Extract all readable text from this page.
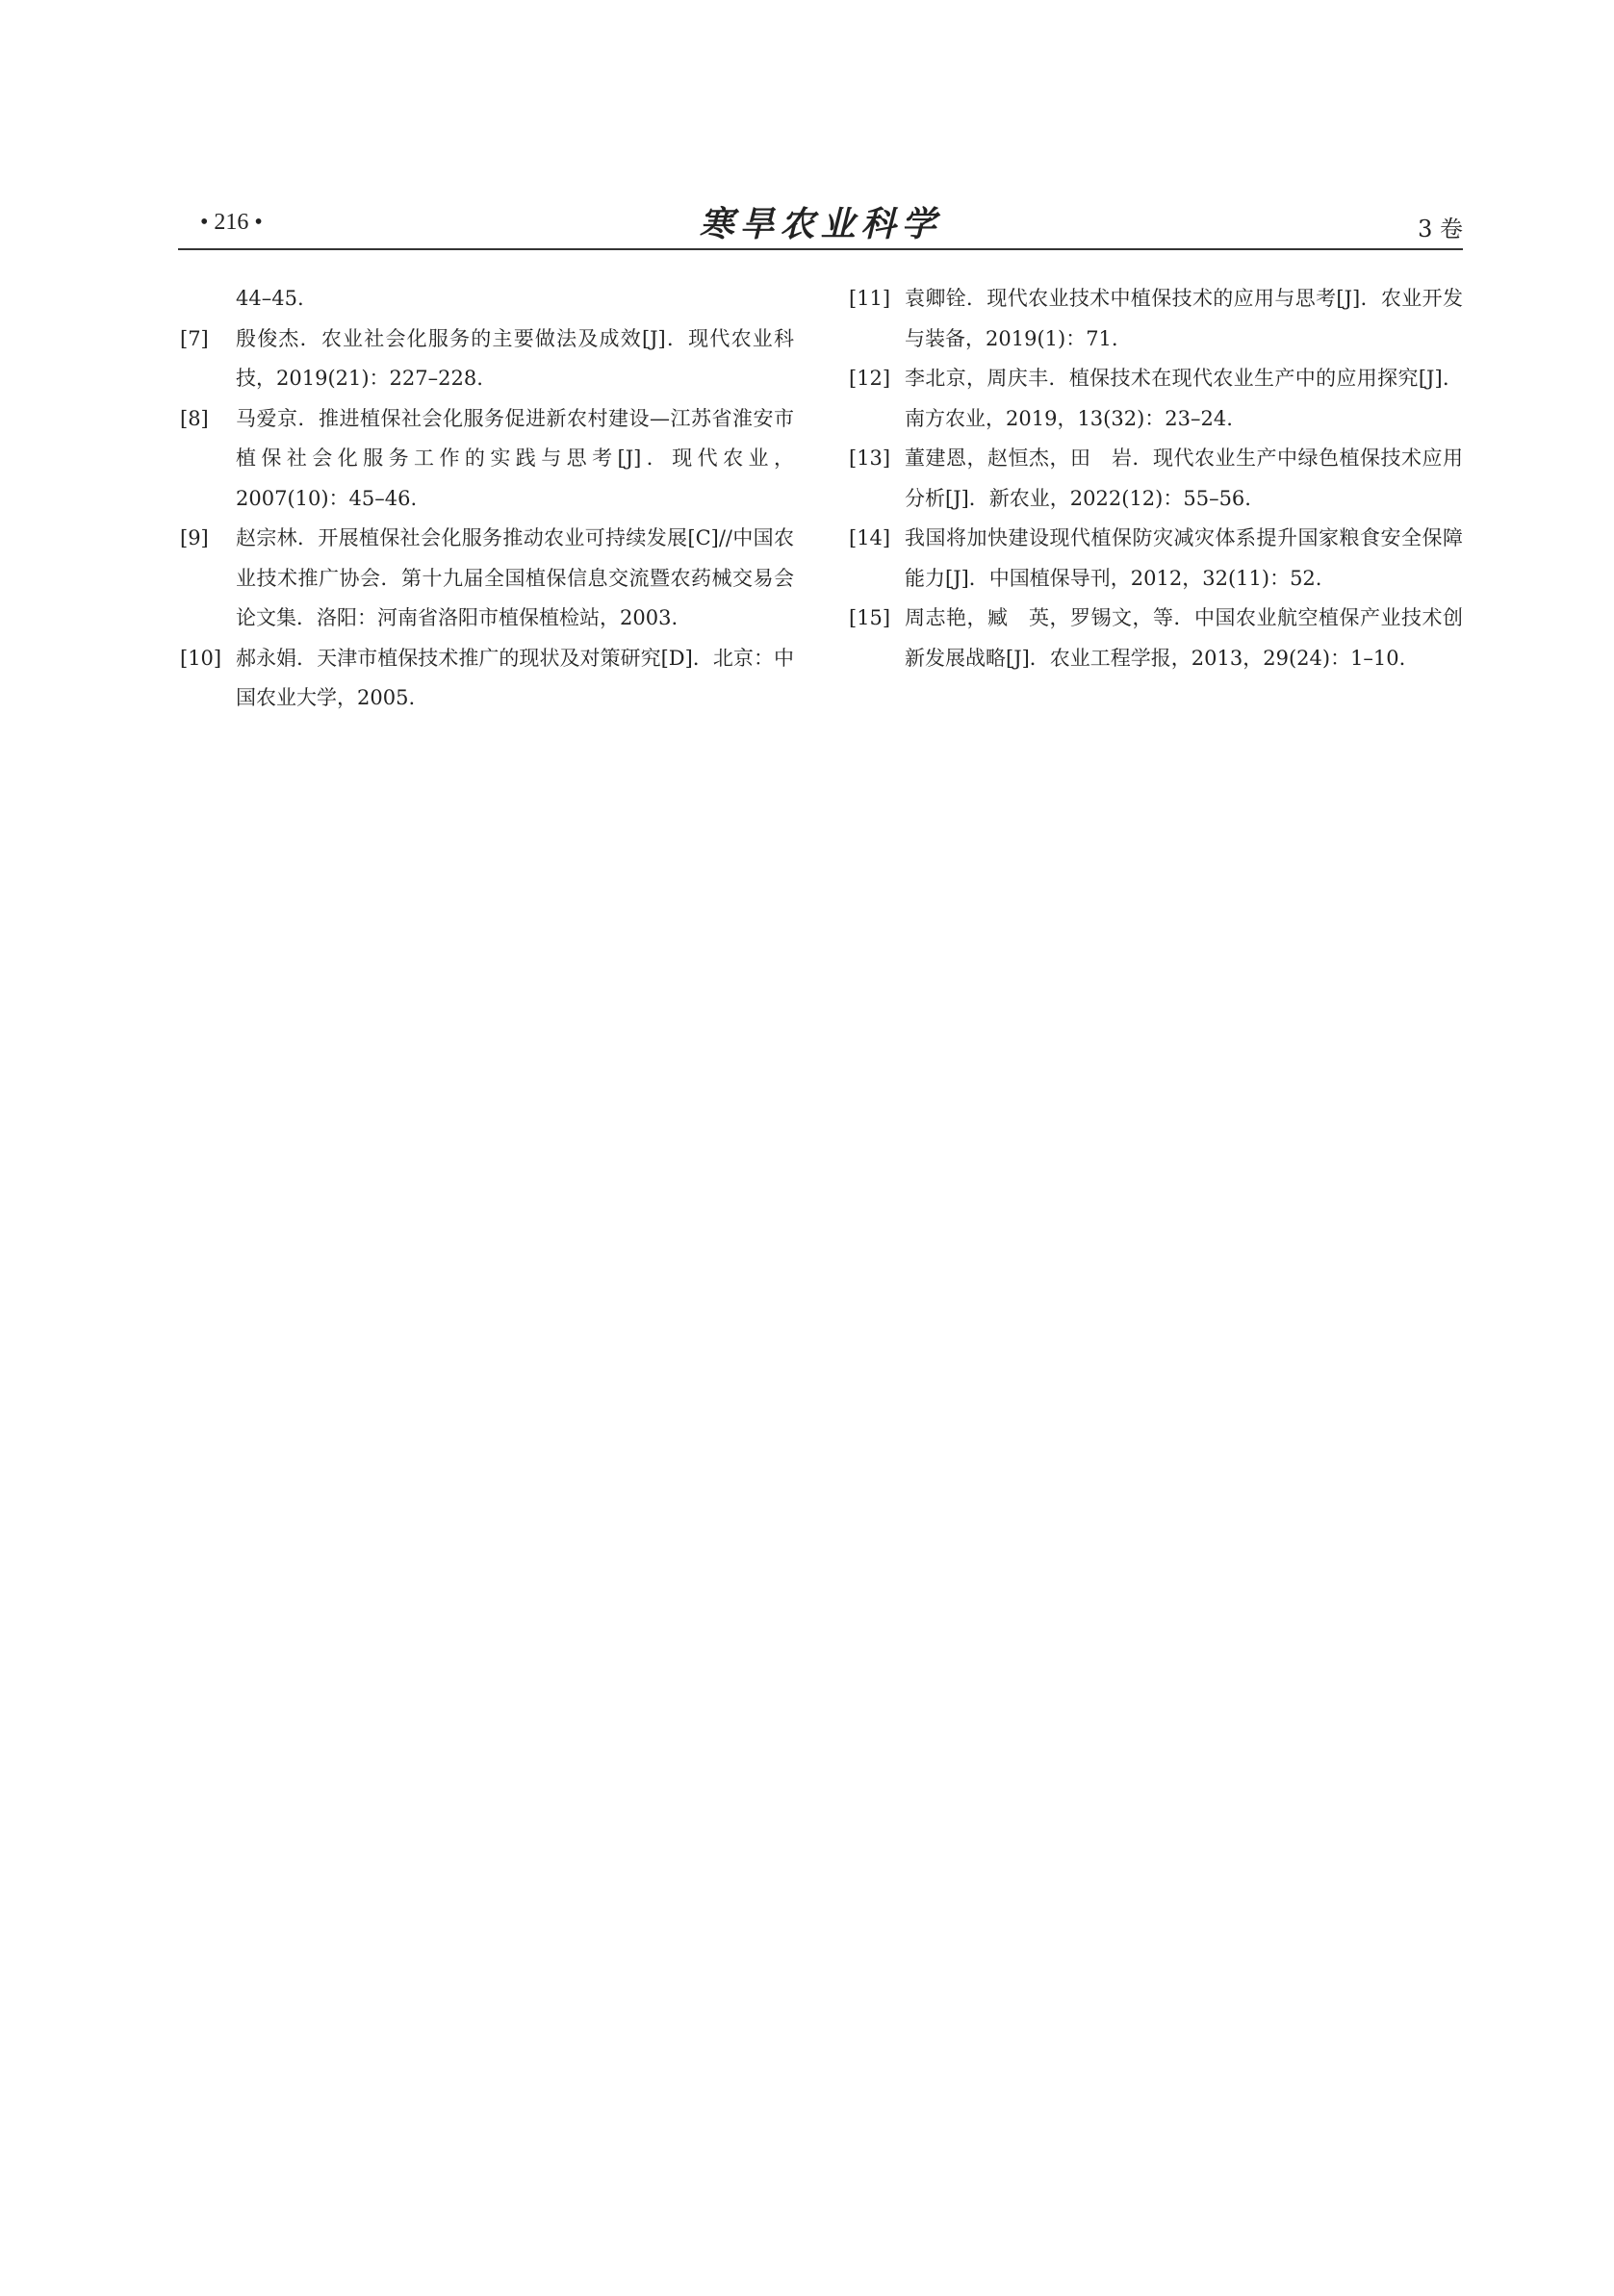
• 216 •	寒旱农业科学	3 卷
44–45.
[7]	殷俊杰．农业社会化服务的主要做法及成效[J]．现代农业科技，2019(21)：227–228.
[8]	马爱京．推进植保社会化服务促进新农村建设—江苏省淮安市植保社会化服务工作的实践与思考[J]．现代农业，2007(10)：45–46.
[9]	赵宗林．开展植保社会化服务推动农业可持续发展[C]//中国农业技术推广协会．第十九届全国植保信息交流暨农药械交易会论文集．洛阳：河南省洛阳市植保植检站，2003.
[10] 郝永娟．天津市植保技术推广的现状及对策研究[D]．北京：中国农业大学，2005.
[11] 袁卿铨．现代农业技术中植保技术的应用与思考[J]．农业开发与装备，2019(1)：71.
[12] 李北京，周庆丰．植保技术在现代农业生产中的应用探究[J]．南方农业，2019，13(32)：23–24.
[13] 董建恩，赵恒杰，田　岩．现代农业生产中绿色植保技术应用分析[J]．新农业，2022(12)：55–56.
[14] 我国将加快建设现代植保防灾减灾体系提升国家粮食安全保障能力[J]．中国植保导刊，2012，32(11)：52.
[15] 周志艳，臧　英，罗锡文，等．中国农业航空植保产业技术创新发展战略[J]．农业工程学报，2013，29(24)：1–10.
